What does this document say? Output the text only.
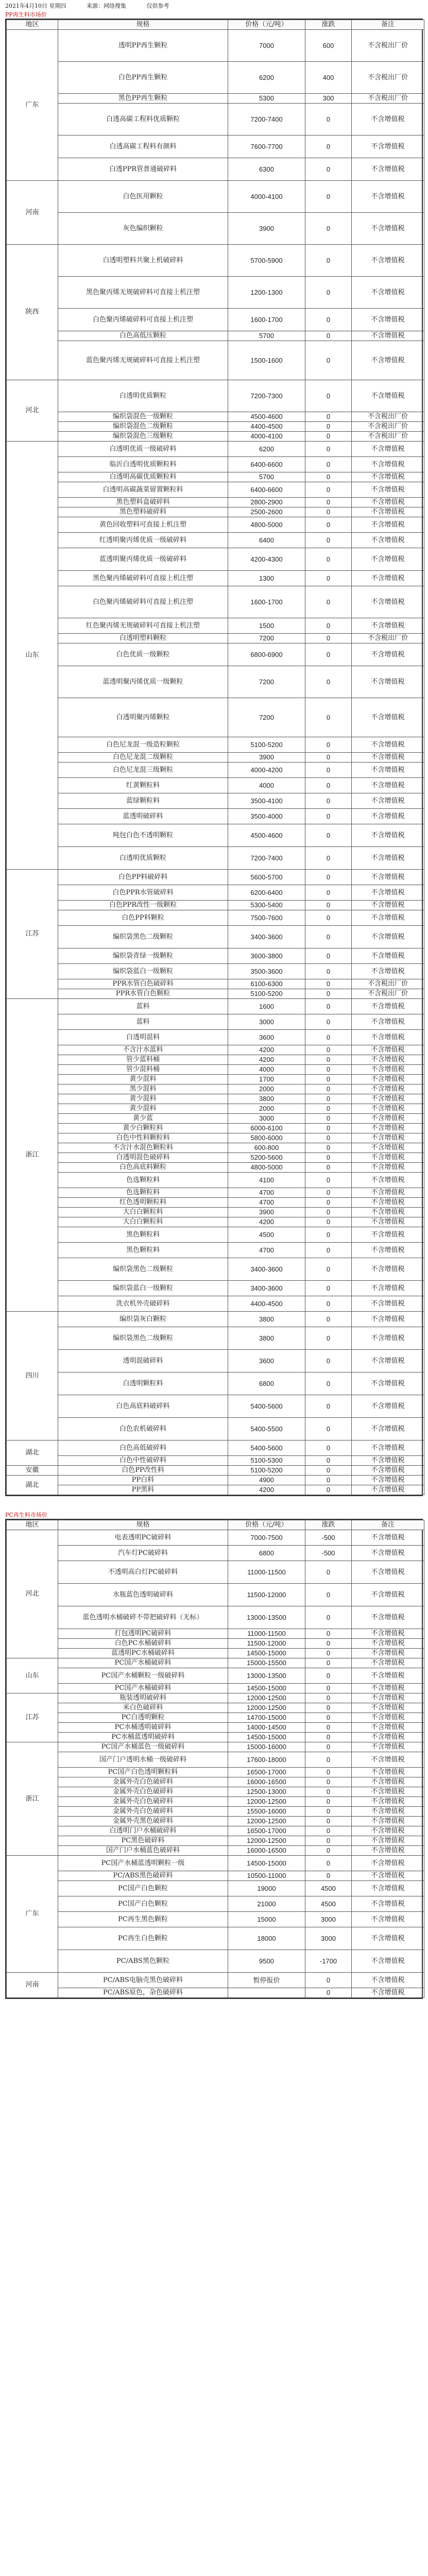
2021年4月10日 星期四	来源：网络搜集	仅供参考
PP再生料市场价
地区	规格	价格（元/吨）	涨跌	备注
广东	透明PP再生颗粒	7000	600	不含税出厂价
	白色PP再生颗粒	6200	400	不含税出厂价
	黑色PP再生颗粒	5300	300	不含税出厂价
	白透高碳工程料优质颗粒	7200-7400	0	不含增值税
	白透高碳工程料有颜料	7600-7700	0	不含增值税
	白透PPR管普通破碎料	6300	0	不含增值税
河南	白色医用颗粒	4000-4100	0	不含增值税
	灰色编织颗粒	3900	0	不含增值税
陕西	白透明塑料共聚上机破碎料	5700-5900	0	不含增值税
	黑色聚丙烯无规破碎料可直接上机注塑	1200-1300	0	不含增值税
	白色聚丙烯破碎料可直接上机注塑	1600-1700	0	不含增值税
	白色高低压颗粒	5700	0	不含增值税
	蓝色聚丙烯无规破碎料可直接上机注塑	1500-1600	0	不含增值税
河北	白透明优质颗粒	7200-7300	0	不含增值税
	编织袋混色一级颗粒	4500-4600	0	不含税出厂价
	编织袋混色二级颗粒	4400-4500	0	不含税出厂价
	编织袋混色三级颗粒	4000-4100	0	不含税出厂价
山东	白透明优质一级破碎料	6200	0	不含增值税
	临沂白透明优质颗粒料	6400-6600	0	不含增值税
	白透明高碳优质颗粒料	5700	0	不含增值税
	白透明高碳蔬菜留置颗粒料	6400-6600	0	不含增值税
	黑色塑料盒破碎料	2800-2900	0	不含增值税
	黑色塑料破碎料	2500-2600	0	不含增值税
	黄色回收塑料可直接上机注塑	4800-5000	0	不含增值税
	红透明聚丙烯优质一级破碎料	6400	0	不含增值税
	蓝透明聚丙烯优质一级破碎料	4200-4300	0	不含增值税
	黑色聚丙烯破碎料可直接上机注塑	1300	0	不含增值税
	白色聚丙烯破碎料可直接上机注塑	1600-1700	0	不含增值税
	红色聚丙烯无规破碎料可直接上机注塑	1500	0	不含增值税
	白透明塑料颗粒	7200	0	不含税出厂价
	白色优质一级颗粒	6800-6900	0	不含增值税
	蓝透明聚丙烯优质一级颗粒	7200	0	不含增值税
	白透明聚丙烯颗粒	7200	0	不含增值税
	白色尼龙混一级造粒颗粒	5100-5200	0	不含增值税
	白色尼龙混二级颗粒	3900	0	不含增值税
	白色尼龙混三级颗粒	4000-4200	0	不含增值税
	红黄颗粒料	4000	0	不含增值税
	蓝绿颗粒料	3500-4100	0	不含增值税
	蓝透明破碎料	3500-4000	0	不含增值税
	吨包白色不透明颗粒	4500-4600	0	不含增值税
	白透明优质颗粒	7200-7400	0	不含增值税
江苏	白色PP料破碎料	5600-5700	0	不含增值税
	白色PPR水管破碎料	6200-6400	0	不含增值税
	白色PPR改性一级颗粒	5300-5400	0	不含增值税
	白色PP料颗粒	7500-7600	0	不含增值税
	编织袋黑色二级颗粒	3400-3600	0	不含增值税
	编织袋青绿一级颗粒	3600-3800	0	不含增值税
	编织袋蓝白一级颗粒	3500-3600	0	不含增值税
	PPR水管白色破碎料	6100-6300	0	不含税出厂价
	PPR水管白色颗粒	5100-5200	0	不含税出厂价
浙江	蓝料	1600	0	不含增值税
	蓝料	3000	0	不含增值税
	白透明混料	3600	0	不含增值税
	不含汁水蓝料	4200	0	不含增值税
	管少蓝料桶	4200	0	不含增值税
	管少混料桶	4000	0	不含增值税
	黄少混料	1700	0	不含增值税
	黑少混料	2000	0	不含增值税
	黄少混料	3800	0	不含增值税
	黄少混料	2000	0	不含增值税
	黄少蓝	3000	0	不含增值税
	黄少白颗粒料	6000-6100	0	不含增值税
	白色中性料颗粒料	5800-6000	0	不含增值税
	不含汁水混色颗粒料	600-800	0	不含增值税
	白透明混色破碎料	5200-5600	0	不含增值税
	白色高底料颗粒	4800-5000	0	不含增值税
	色选颗粒料	4100	0	不含增值税
	色选颗粒料	4700	0	不含增值税
	红色透明颗粒料	4700	0	不含增值税
	大白白颗粒料	3900	0	不含增值税
	大白白颗粒料	4200	0	不含增值税
	黑色颗粒料	4500	0	不含增值税
	黑色颗粒料	4700	0	不含增值税
	编织袋黑色二级颗粒	3400-3600	0	不含增值税
	编织袋蓝白一级颗粒	3400-3600	0	不含增值税
	洗衣机外壳破碎料	4400-4500	0	不含增值税
四川	编织袋灰白颗粒	3800	0	不含增值税
	编织袋黑色二级颗粒	3800	0	不含增值税
	透明混破碎料	3600	0	不含增值税
	白透明颗粒料	6800	0	不含增值税
	白色高底料破碎料	5400-5600	0	不含增值税
	白色农机破碎料	5400-5500	0	不含增值税
湖北	白色高低破碎料	5400-5600	0	不含增值税
	白色中性破碎料	5100-5300	0	不含增值税
安徽	白色PP改性料	5100-5200	0	不含增值税
湖北	PP白料	4900	0	不含增值税
	PP黑料	4200	0	不含增值税
PC再生料市场价
地区	规格	价格（元/吨）	涨跌	备注
河北	电表透明PC破碎料	7000-7500	-500	不含增值税
	汽车灯PC破碎料	6800	-500	不含增值税
	不透明高白灯PC破碎料	11000-11500	0	不含增值税
	水瓶蓝色透明破碎料	11500-12000	0	不含增值税
	蓝色透明水桶破碎不带把破碎料（无标）	13000-13500	0	不含增值税
	打包透明PC破碎料	11000-11500	0	不含增值税
	白色PC水桶破碎料	11500-12000	0	不含增值税
	蓝透明PC水桶破碎料	14500-15000	0	不含增值税
山东	PC国产水桶破碎料	15000-15500	0	不含增值税
	PC国产水桶颗粒一级破碎料	13000-13500	0	不含增值税
	PC国产水桶破碎料	14500-15000	0	不含增值税
江苏	瓶装透明破碎料	12000-12500	0	不含增值税
	米白色破碎料	12000-12500	0	不含增值税
	PC白透明颗粒	14700-15000	0	不含增值税
	PC水桶透明破碎料	14000-14500	0	不含增值税
	PC水桶蓝透明破碎料	14500-15000	0	不含增值税
浙江	PC国产水桶蓝色一级破碎料	15000-16000	0	不含增值税
	国产门户透明水桶一级破碎料	17600-18000	0	不含增值税
	PC国产白色透明颗粒料	16500-17000	0	不含增值税
	金属外壳白色破碎料	16000-16500	0	不含增值税
	金属外壳白色破碎料	12500-13000	0	不含增值税
	金属外壳白色破碎料	12000-12500	0	不含增值税
	金属外壳白色破碎料	15500-16000	0	不含增值税
	金属外壳黑色破碎料	12000-12500	0	不含增值税
	白透明门户水桶破碎料	16500-17000	0	不含增值税
	PC黑色破碎料	12000-12500	0	不含增值税
	国产门户水桶蓝色破碎料	16000-16500	0	不含增值税
广东	PC国产水桶蓝透明颗粒一级	14500-15000	0	不含增值税
	PC/ABS黑色破碎料	10500-11000	0	不含增值税
	PC国产白色颗粒	19000	4500	不含增值税
	PC国产白色颗粒	21000	4500	不含增值税
	PC再生黑色颗粒	15000	3000	不含增值税
	PC再生白色颗粒	18000	3000	不含增值税
	PC/ABS黑色颗粒	9500	-1700	不含增值税
河南	PC/ABS电脑壳黑色破碎料	暂停报价	0	不含增值税
	PC/ABS原色，杂色破碎料		0	不含增值税
